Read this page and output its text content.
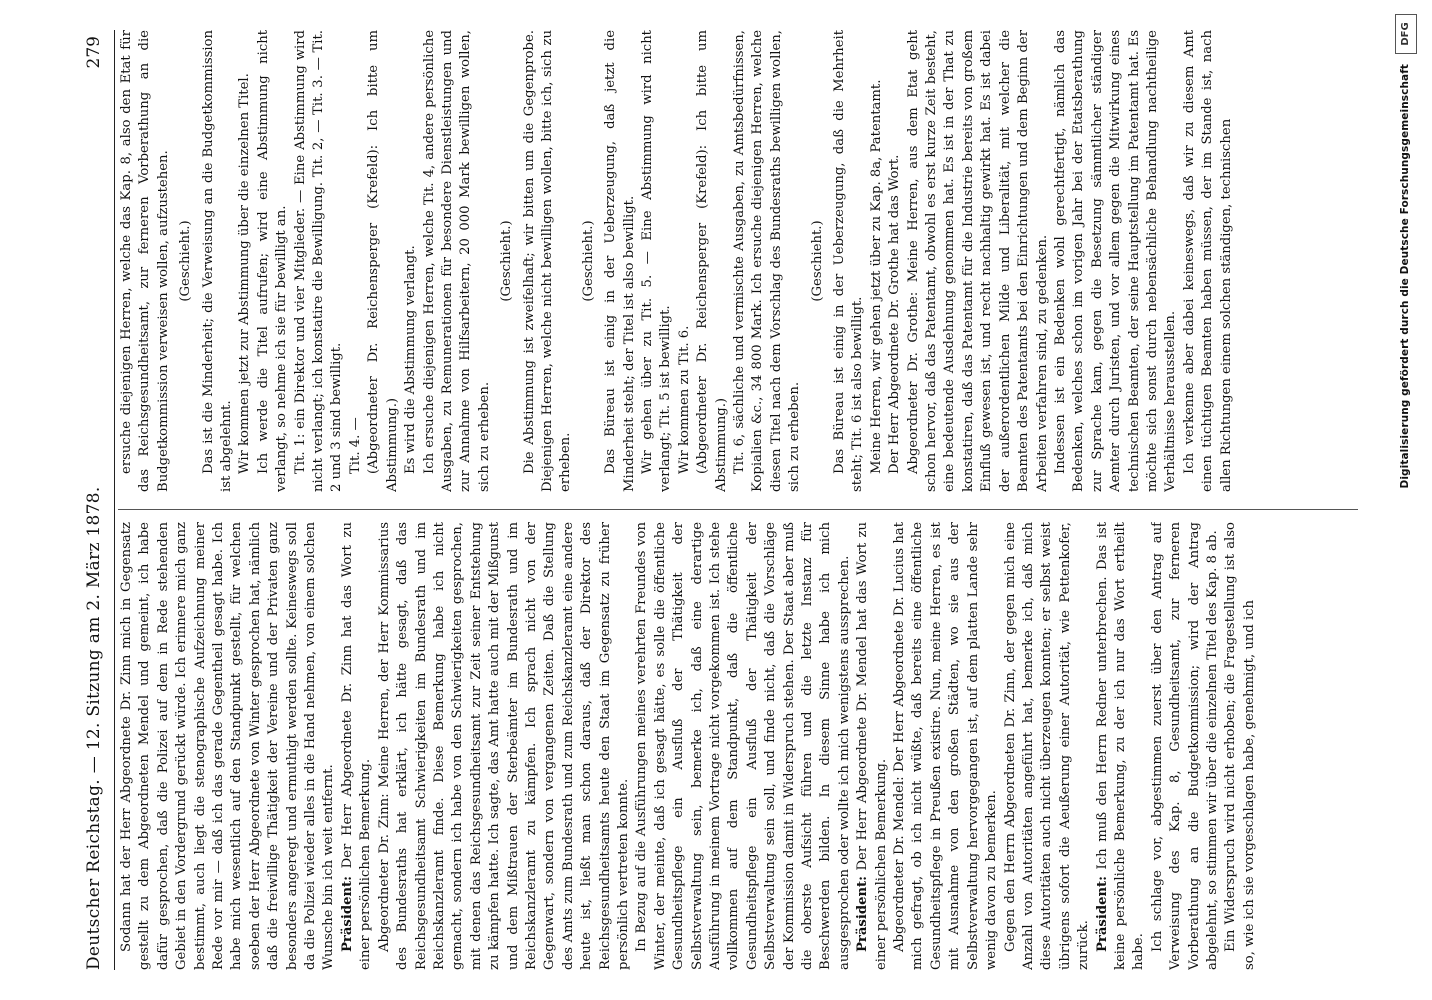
Deutscher Reichstag. — 12. Sitzung am 2. März 1878.
279

Sodann hat der Herr Abgeordnete Dr. Zinn mich in Gegensatz gestellt zu dem Abgeordneten Mendel und gemeint, ich habe dafür gesprochen, daß die Polizei auf dem in Rede stehenden Gebiet in den Vordergrund gerückt würde. Ich erinnere mich ganz bestimmt, auch liegt die stenographische Aufzeichnung meiner Rede vor mir — daß ich das gerade Gegentheil gesagt habe. Ich habe mich wesentlich auf den Standpunkt gestellt, für welchen soeben der Herr Abgeordnete von Winter gesprochen hat, nämlich daß die freiwillige Thätigkeit der Vereine und der Privaten ganz besonders angeregt und ermuthigt werden sollte. Keineswegs soll da die Polizei wieder alles in die Hand nehmen, von einem solchen Wunsche bin ich weit entfernt. Präsident: Der Herr Abgeordnete Dr. Zinn hat das Wort zu einer persönlichen Bemerkung. Abgeordneter Dr. Zinn: Meine Herren, der Herr Kommissarius des Bundesraths hat erklärt, ich hätte gesagt, daß das Reichsgesundheitsamt Schwierigkeiten im Bundesrath und im Reichskanzleramt finde. Diese Bemerkung habe ich nicht gemacht, sondern ich habe von den Schwierigkeiten gesprochen, mit denen das Reichsgesundheitsamt zur Zeit seiner Entstehung zu kämpfen hatte. Ich sagte, das Amt hatte auch mit der Mißgunst und dem Mißtrauen der Sterbeämter im Bundesrath und im Reichskanzleramt zu kämpfen. Ich sprach nicht von der Gegenwart, sondern von vergangenen Zeiten. Daß die Stellung des Amts zum Bundesrath und zum Reichskanzleramt eine andere heute ist, ließt man schon daraus, daß der Direktor des Reichsgesundheitsamts heute den Staat im Gegensatz zu früher persönlich vertreten konnte. In Bezug auf die Ausführungen meines verehrten Freundes von Winter, der meinte, daß ich gesagt hätte, es solle die öffentliche Gesundheitspflege ein Ausfluß der Thätigkeit der Selbstverwaltung sein, bemerke ich, daß eine derartige Ausführung in meinem Vortrage nicht vorgekommen ist. Ich stehe vollkommen auf dem Standpunkt, daß die öffentliche Gesundheitspflege ein Ausfluß der Thätigkeit der Selbstverwaltung sein soll, und finde nicht, daß die Vorschläge der Kommission damit in Widerspruch stehen. Der Staat aber muß die oberste Aufsicht führen und die letzte Instanz für Beschwerden bilden. In diesem Sinne habe ich mich ausgesprochen oder wollte ich mich wenigstens aussprechen. Präsident: Der Herr Abgeordnete Dr. Mendel hat das Wort zu einer persönlichen Bemerkung. Abgeordneter Dr. Mendel: Der Herr Abgeordnete Dr. Lucius hat mich gefragt, ob ich nicht wüßte, daß bereits eine öffentliche Gesundheitspflege in Preußen existire. Nun, meine Herren, es ist mit Ausnahme von den großen Städten, wo sie aus der Selbstverwaltung hervorgegangen ist, auf dem platten Lande sehr wenig davon zu bemerken. Gegen den Herrn Abgeordneten Dr. Zinn, der gegen mich eine Anzahl von Autoritäten angeführt hat, bemerke ich, daß mich diese Autoritäten auch nicht überzeugen konnten; er selbst weist übrigens sofort die Aeußerung einer Autorität, wie Pettenkofer, zurück. Präsident: Ich muß den Herrn Redner unterbrechen. Das ist keine persönliche Bemerkung, zu der ich nur das Wort ertheilt habe. Ich schlage vor, abgestimmen zuerst über den Antrag auf Verweisung des Kap. 8, Gesundheitsamt, zur ferneren Vorberathung an die Budgetkommission; wird der Antrag abgelehnt, so stimmen wir über die einzelnen Titel des Kap. 8 ab. Ein Widerspruch wird nicht erhoben; die Fragestellung ist also so, wie ich sie vorgeschlagen habe, genehmigt, und ich

ersuche diejenigen Herren, welche das Kap. 8, also den Etat für das Reichsgesundheitsamt, zur ferneren Vorberathung an die Budgetkommission verweisen wollen, aufzustehen. (Geschieht.) Das ist die Minderheit; die Verweisung an die Budgetkommission ist abgelehnt. Wir kommen jetzt zur Abstimmung über die einzelnen Titel. Ich werde die Titel aufrufen; wird eine Abstimmung nicht verlangt, so nehme ich sie für bewilligt an. Tit. 1: ein Direktor und vier Mitglieder. — Eine Abstimmung wird nicht verlangt; ich konstatire die Bewilligung. Tit. 2, — Tit. 3. — Tit. 2 und 3 sind bewilligt. Tit. 4. — (Abgeordneter Dr. Reichensperger (Krefeld): Ich bitte um Abstimmung.) Es wird die Abstimmung verlangt. Ich ersuche diejenigen Herren, welche Tit. 4, andere persönliche Ausgaben, zu Remunerationen für besondere Dienstleistungen und zur Annahme von Hilfsarbeitern, 20 000 Mark bewilligen wollen, sich zu erheben.

(Geschieht.) Die Abstimmung ist zweifelhaft; wir bitten um die Gegenprobe. Diejenigen Herren, welche nicht bewilligen wollen, bitte ich, sich zu erheben.

(Geschieht.) Das Büreau ist einig in der Ueberzeugung, daß jetzt die Minderheit steht; der Titel ist also bewilligt. Wir gehen über zu Tit. 5. — Eine Abstimmung wird nicht verlangt; Tit. 5 ist bewilligt. Wir kommen zu Tit. 6. (Abgeordneter Dr. Reichensperger (Krefeld): Ich bitte um Abstimmung.) Tit. 6, sächliche und vermischte Ausgaben, zu Amtsbedürfnissen, Kopialien &c., 34 800 Mark. Ich ersuche diejenigen Herren, welche diesen Titel nach dem Vorschlag des Bundesraths bewilligen wollen, sich zu erheben.

(Geschieht.) Das Büreau ist einig in der Ueberzeugung, daß die Mehrheit steht; Tit. 6 ist also bewilligt. Meine Herren, wir gehen jetzt über zu Kap. 8a, Patentamt. Der Herr Abgeordnete Dr. Grothe hat das Wort. Abgeordneter Dr. Grothe: Meine Herren, aus dem Etat geht schon hervor, daß das Patentamt, obwohl es erst kurze Zeit besteht, eine bedeutende Ausdehnung genommen hat. Es ist in der That zu konstatiren, daß das Patentamt für die Industrie bereits von großem Einfluß gewesen ist, und recht nachhaltig gewirkt hat. Es ist dabei der außerordentlichen Milde und Liberalität, mit welcher die Beamten des Patentamts bei den Einrichtungen und dem Beginn der Arbeiten verfahren sind, zu gedenken. Indessen ist ein Bedenken wohl gerechtfertigt, nämlich das Bedenken, welches schon im vorigen Jahr bei der Etatsberathung zur Sprache kam, gegen die Besetzung sämmtlicher ständiger Aemter durch Juristen, und vor allem gegen die Mitwirkung eines technischen Beamten, der seine Hauptstellung im Patentamt hat. Es möchte sich sonst durch nebensächliche Behandlung nachtheilige Verhältnisse herausstellen. Ich verkenne aber dabei keineswegs, daß wir zu diesem Amt einen tüchtigen Beamten haben müssen, der im Stande ist, nach allen Richtungen einem solchen ständigen, technischen	Digitalisierung gefördert durch die Deutsche Forschungsgemeinschaft
DFG
